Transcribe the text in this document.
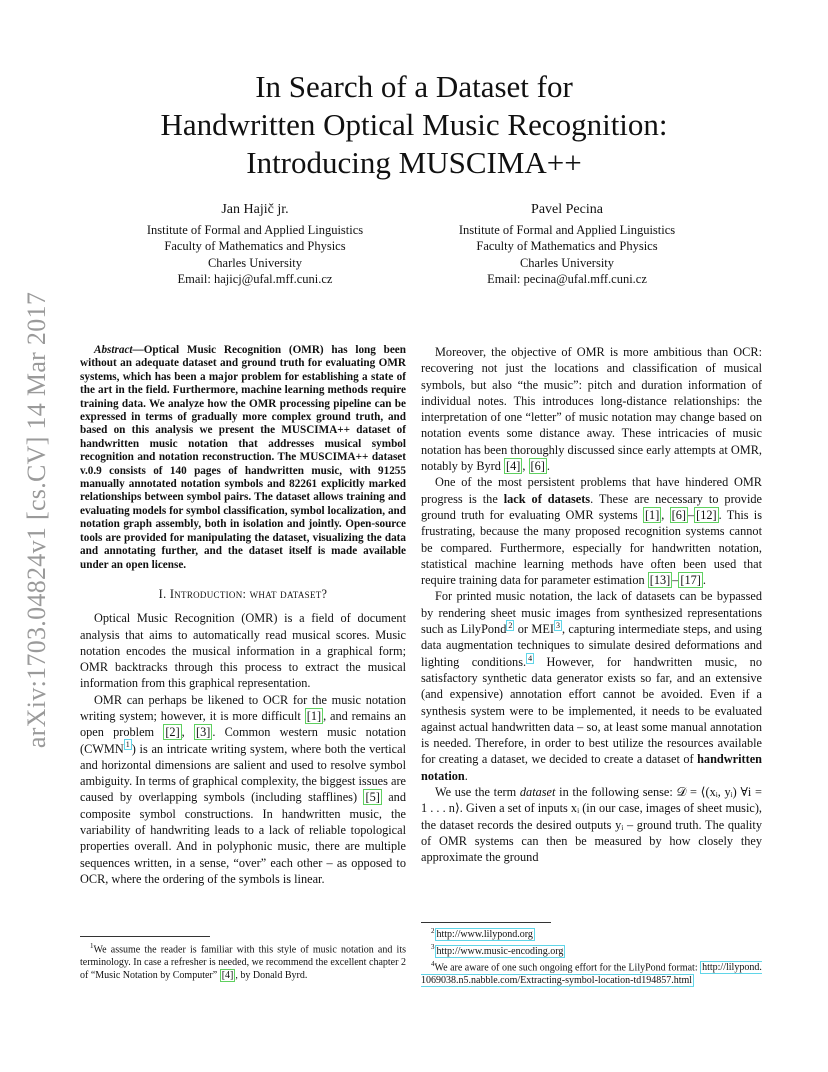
arXiv:1703.04824v1 [cs.CV] 14 Mar 2017
In Search of a Dataset for
Handwritten Optical Music Recognition:
Introducing MUSCIMA++
Jan Hajič jr.
Institute of Formal and Applied Linguistics
Faculty of Mathematics and Physics
Charles University
Email: hajicj@ufal.mff.cuni.cz
Pavel Pecina
Institute of Formal and Applied Linguistics
Faculty of Mathematics and Physics
Charles University
Email: pecina@ufal.mff.cuni.cz

Abstract—Optical Music Recognition (OMR) has long been without an adequate dataset and ground truth for evaluating OMR systems, which has been a major problem for establishing a state of the art in the field. Furthermore, machine learning methods require training data. We analyze how the OMR processing pipeline can be expressed in terms of gradually more complex ground truth, and based on this analysis we present the MUSCIMA++ dataset of handwritten music notation that addresses musical symbol recognition and notation reconstruction. The MUSCIMA++ dataset v.0.9 consists of 140 pages of handwritten music, with 91255 manually annotated notation symbols and 82261 explicitly marked relationships between symbol pairs. The dataset allows training and evaluating models for symbol classification, symbol localization, and notation graph assembly, both in isolation and jointly. Open-source tools are provided for manipulating the dataset, visualizing the data and annotating further, and the dataset itself is made available under an open license.

I. Introduction: what dataset?

Optical Music Recognition (OMR) is a field of document analysis that aims to automatically read musical scores. Music notation encodes the musical information in a graphical form; OMR backtracks through this process to extract the musical information from this graphical representation.

OMR can perhaps be likened to OCR for the music notation writing system; however, it is more difficult [1] , and remains an open problem [2] , [3] . Common western music notation (CWMN $^1$ ) is an intricate writing system, where both the vertical and horizontal dimensions are salient and used to resolve symbol ambiguity. In terms of graphical complexity, the biggest issues are caused by overlapping symbols (including stafflines) [5] and composite symbol constructions. In handwritten music, the variability of handwriting leads to a lack of reliable topological properties overall. And in polyphonic music, there are multiple sequences written, in a sense, “over” each other – as opposed to OCR, where the ordering of the symbols is linear.

Moreover, the objective of OMR is more ambitious than OCR: recovering not just the locations and classification of musical symbols, but also “the music”: pitch and duration information of individual notes. This introduces long-distance relationships: the interpretation of one “letter” of music notation may change based on notation events some distance away. These intricacies of music notation has been thoroughly discussed since early attempts at OMR, notably by Byrd [4] , [6] .

One of the most persistent problems that have hindered OMR progress is the lack of datasets. These are necessary to provide ground truth for evaluating OMR systems [1] , [6] – [12] . This is frustrating, because the many proposed recognition systems cannot be compared. Furthermore, especially for handwritten notation, statistical machine learning methods have often been used that require training data for parameter estimation [13] – [17] .

For printed music notation, the lack of datasets can be bypassed by rendering sheet music images from synthesized representations such as LilyPond $^2$ or MEI $^3$ , capturing intermediate steps, and using data augmentation techniques to simulate desired deformations and lighting conditions. $^4$ However, for handwritten music, no satisfactory synthetic data generator exists so far, and an extensive (and expensive) annotation effort cannot be avoided. Even if a synthesis system were to be implemented, it needs to be evaluated against actual handwritten data – so, at least some manual annotation is needed. Therefore, in order to best utilize the resources available for creating a dataset, we decided to create a dataset of handwritten notation.

We use the term dataset in the following sense: 𝒟 = ⟨(xᵢ, yᵢ) ∀i = 1 . . . n⟩. Given a set of inputs xᵢ (in our case, images of sheet music), the dataset records the desired outputs yᵢ – ground truth. The quality of OMR systems can then be measured by how closely they approximate the ground

$^1$We assume the reader is familiar with this style of music notation and its terminology. In case a refresher is needed, we recommend the excellent chapter 2 of “Music Notation by Computer” [4] , by Donald Byrd.

$^2$ http://www.lilypond.org

$^3$ http://www.music-encoding.org

$^4$We are aware of one such ongoing effort for the LilyPond format: http://lilypond.1069038.n5.nabble.com/Extracting-symbol-location-td194857.html
